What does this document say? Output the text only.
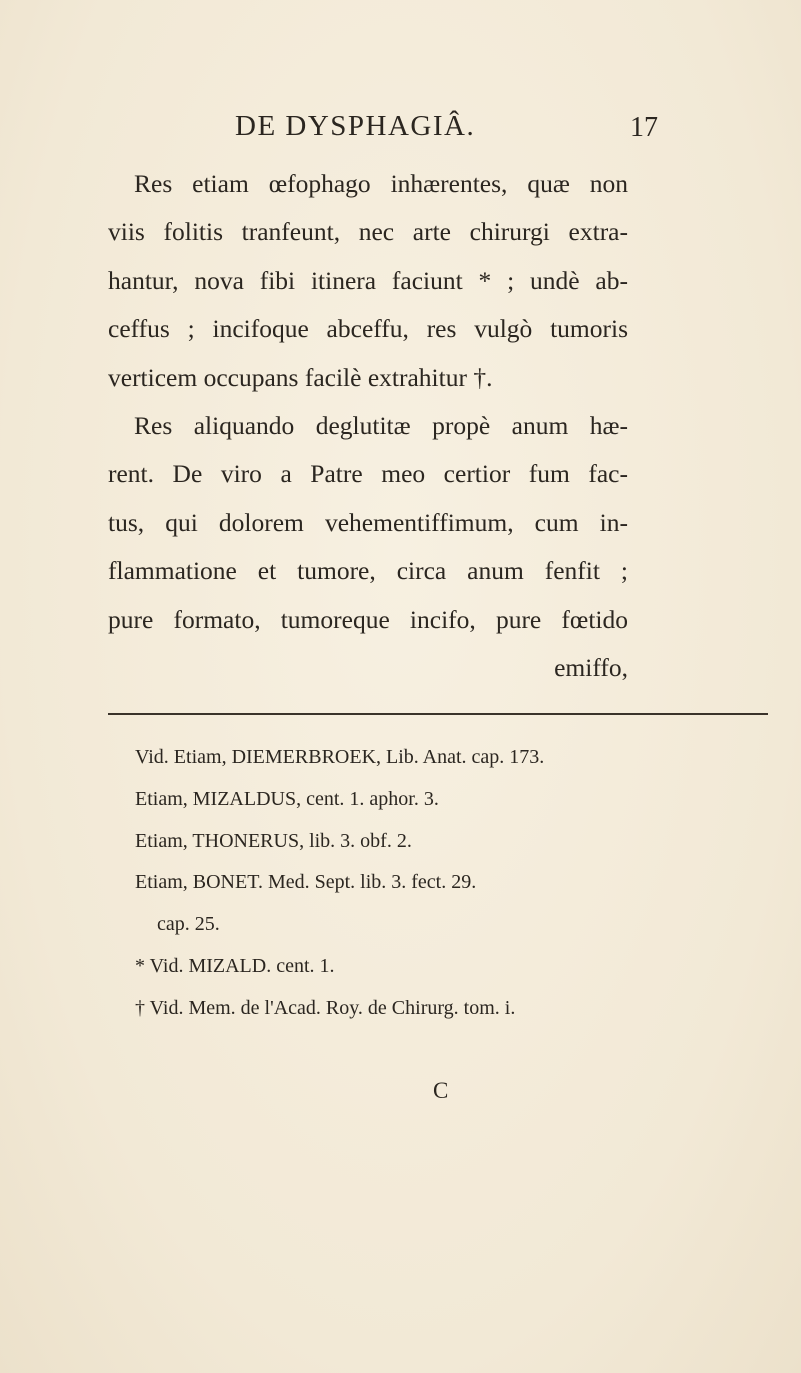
DE DYSPHAGIÂ.	17
Res etiam œfophago inhærentes, quæ non
viis folitis tranfeunt, nec arte chirurgi extra-
hantur, nova fibi itinera faciunt * ; undè ab-
ceffus ; incifoque abceffu, res vulgò tumoris
verticem occupans facilè extrahitur †.
Res aliquando deglutitæ propè anum hæ-
rent. De viro a Patre meo certior fum fac-
tus, qui dolorem vehementiffimum, cum in-
flammatione et tumore, circa anum fenfit ;
pure formato, tumoreque incifo, pure fœtido
emiffo,
Vid. Etiam, DIEMERBROEK, Lib. Anat. cap. 173.
Etiam, MIZALDUS, cent. 1. aphor. 3.
Etiam, THONERUS, lib. 3. obf. 2.
Etiam, BONET. Med. Sept. lib. 3. fect. 29.
cap. 25.
* Vid. MIZALD. cent. 1.
† Vid. Mem. de l'Acad. Roy. de Chirurg. tom. i.
C
